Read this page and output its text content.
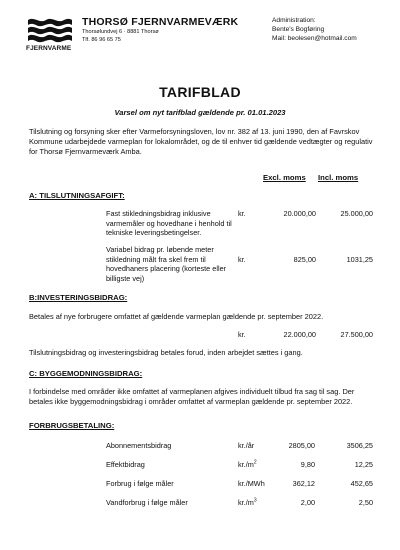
FJERNVARME
THORSØ FJERNVARMEVÆRK
Thorsølundvej 6 · 8881 Thorsø
Tlf. 86 96 65 75
Administration:
Bente's Bogføring
Mail: beolesen@hotmail.com
TARIFBLAD
Varsel om nyt tarifblad gældende pr. 01.01.2023
Tilslutning og forsyning sker efter Varmeforsyningsloven, lov nr. 382 af 13. juni 1990, den af Favrskov Kommune udarbejdede varmeplan for lokalområdet, og de til enhver tid gældende vedtægter og regulativ for Thorsø Fjernvarmeværk Amba.
Excl. moms Incl. moms
A: TILSLUTNINGSAFGIFT:
Fast stikledningsbidrag inklusive varmemåler og hovedhane i henhold til tekniske leveringsbetingelser.
kr.	20.000,00	25.000,00
Variabel bidrag pr. løbende meter stikledning målt fra skel frem til hovedhaners placering (korteste eller billigste vej)
kr.	825,00	1031,25
B:INVESTERINGSBIDRAG:
Betales af nye forbrugere omfattet af gældende varmeplan gældende pr. september 2022.
kr.	22.000,00	27.500,00
Tilslutningsbidrag og investeringsbidrag betales forud, inden arbejdet sættes i gang.
C: BYGGEMODNINGSBIDRAG:
I forbindelse med områder ikke omfattet af varmeplanen afgives individuelt tilbud fra sag til sag. Der betales ikke byggemodningsbidrag i områder omfattet af varmeplan gældende pr. september 2022.
FORBRUGSBETALING:
Abonnementsbidrag	kr./år	2805,00	3506,25
Effektbidrag	$kr./m^2$	9,80	12,25
Forbrug i følge måler	kr./MWh	362,12	452,65
Vandforbrug i følge måler	$kr./m^3$	2,00	2,50
